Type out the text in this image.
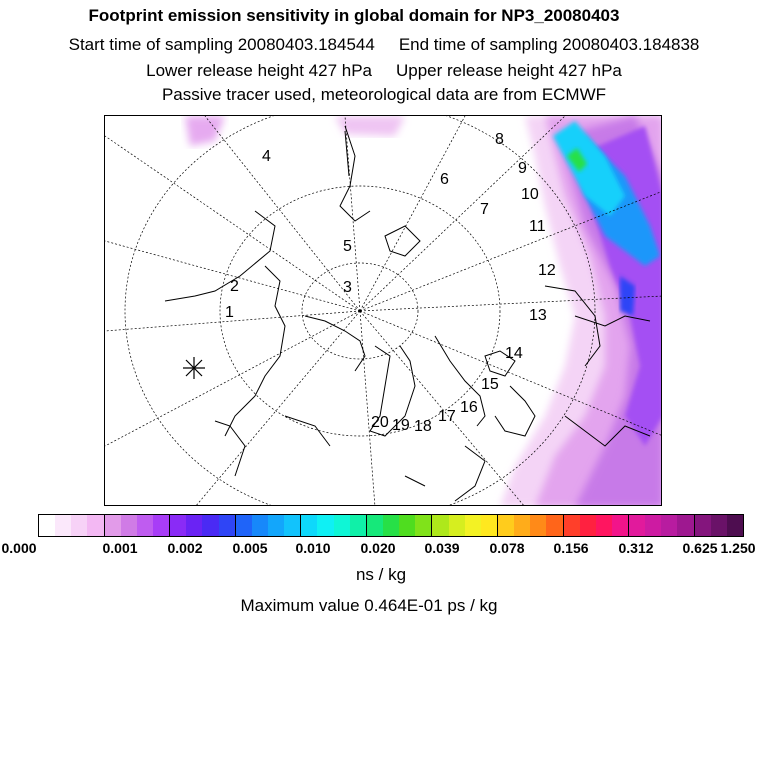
Footprint emission sensitivity in global domain for NP3_20080403
Start time of sampling 20080403.184544 End time of sampling 20080403.184838
Lower release height 427 hPa Upper release height 427 hPa
Passive tracer used, meteorological data are from ECMWF
1
2	3
4
5
6
7
8
9
10
11
12
13
14
15
16
17
18
19
20
0.000	0.001 0.002 0.005 0.010 0.020 0.039 0.078 0.156 0.312 0.625 1.250
ns / kg
Maximum value 0.464E-01 ps / kg
